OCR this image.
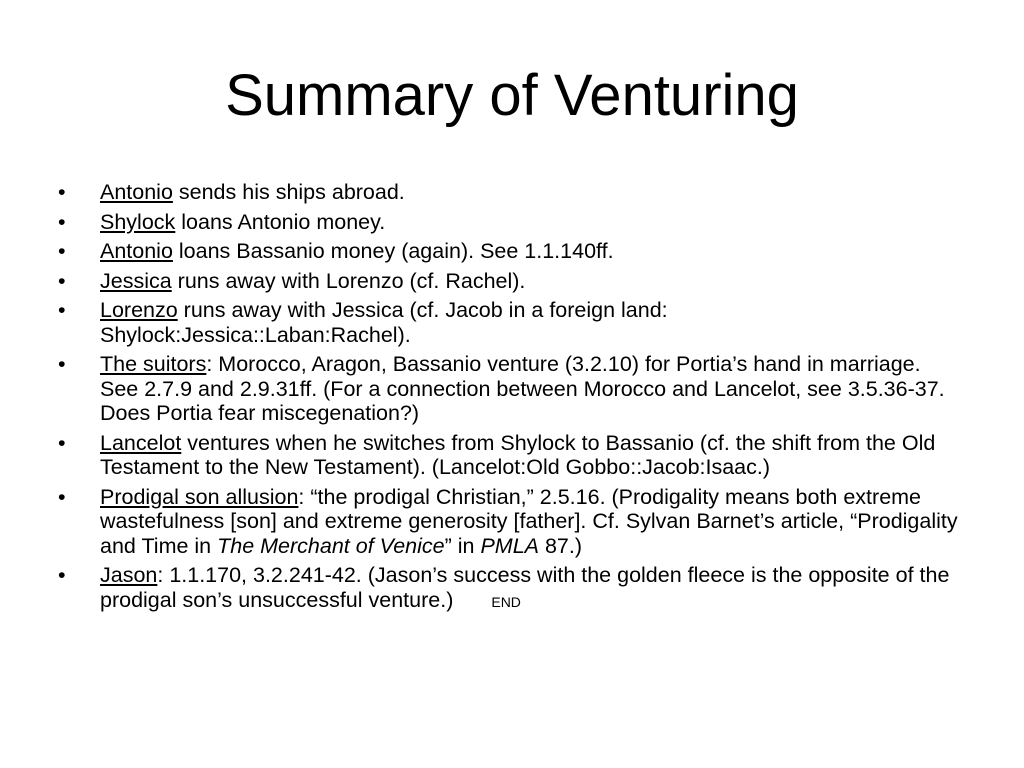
Summary of Venturing
• Antonio sends his ships abroad.
• Shylock loans Antonio money.
• Antonio loans Bassanio money (again). See 1.1.140ff.
• Jessica runs away with Lorenzo (cf. Rachel).
• Lorenzo runs away with Jessica (cf. Jacob in a foreign land: Shylock:Jessica::Laban:Rachel).
• The suitors: Morocco, Aragon, Bassanio venture (3.2.10) for Portia’s hand in marriage. See 2.7.9 and 2.9.31ff. (For a connection between Morocco and Lancelot, see 3.5.36-37. Does Portia fear miscegenation?)
• Lancelot ventures when he switches from Shylock to Bassanio (cf. the shift from the Old Testament to the New Testament). (Lancelot:Old Gobbo::Jacob:Isaac.)
• Prodigal son allusion: “the prodigal Christian,” 2.5.16. (Prodigality means both extreme wastefulness [son] and extreme generosity [father]. Cf. Sylvan Barnet’s article, “Prodigality and Time in The Merchant of Venice” in PMLA 87.)
• Jason: 1.1.170, 3.2.241-42. (Jason’s success with the golden fleece is the opposite of the prodigal son’s unsuccessful venture.)	END
